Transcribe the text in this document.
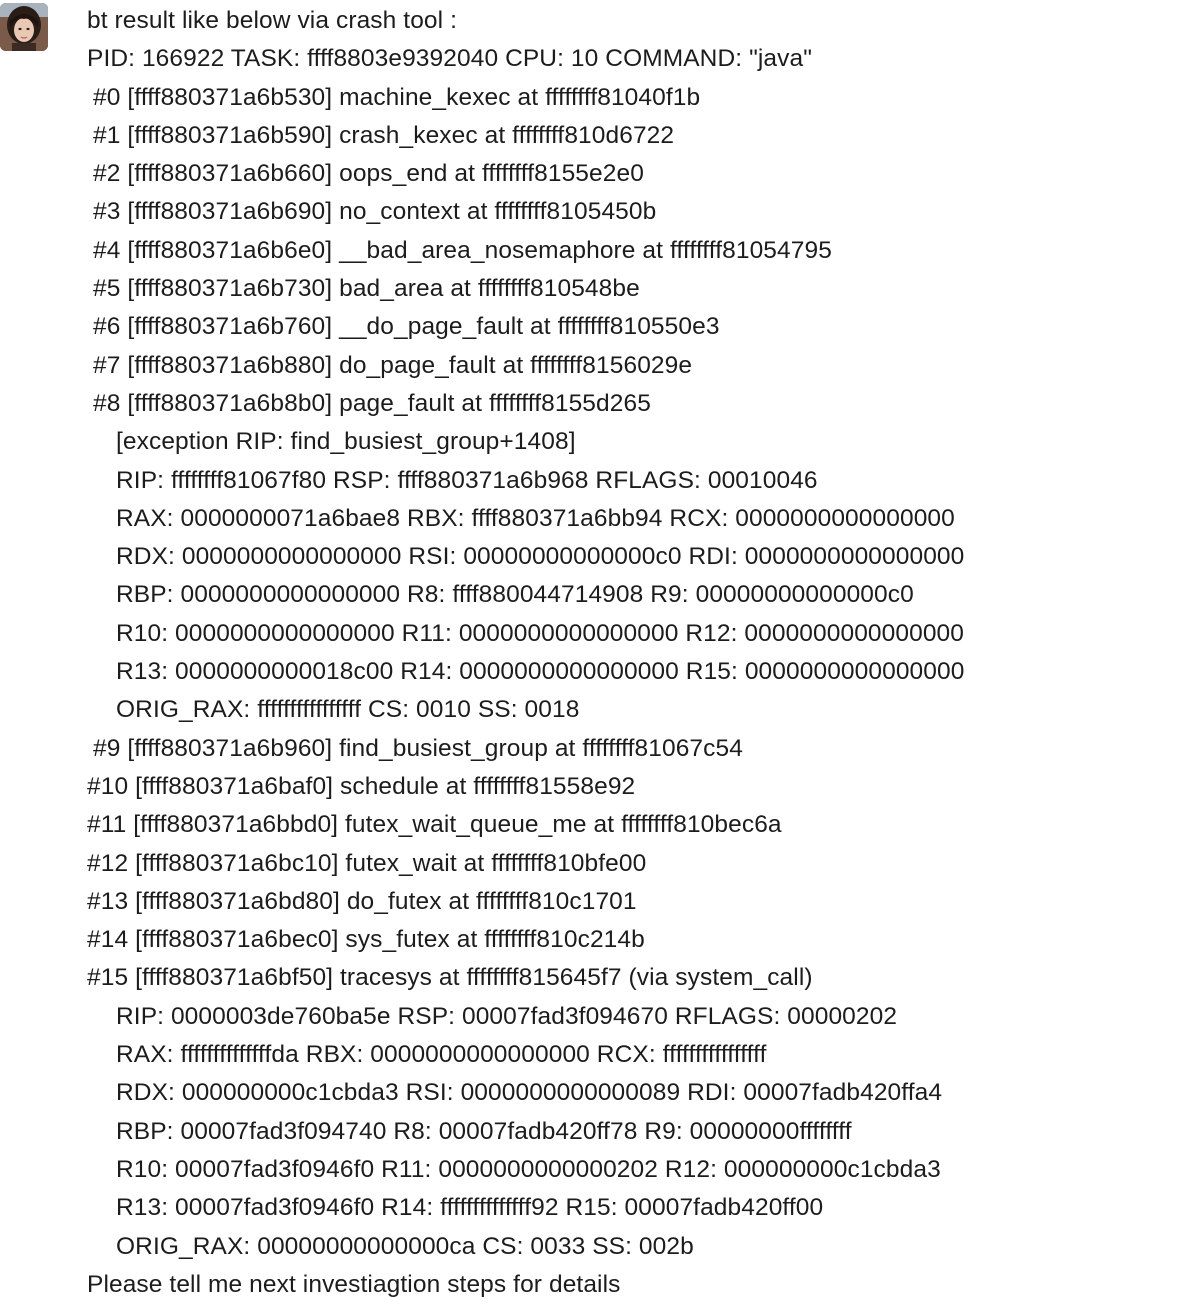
bt result like below via crash tool :
PID: 166922 TASK: ffff8803e9392040 CPU: 10 COMMAND: "java"
#0 [ffff880371a6b530] machine_kexec at ffffffff81040f1b
#1 [ffff880371a6b590] crash_kexec at ffffffff810d6722
#2 [ffff880371a6b660] oops_end at ffffffff8155e2e0
#3 [ffff880371a6b690] no_context at ffffffff8105450b
#4 [ffff880371a6b6e0] __bad_area_nosemaphore at ffffffff81054795
#5 [ffff880371a6b730] bad_area at ffffffff810548be
#6 [ffff880371a6b760] __do_page_fault at ffffffff810550e3
#7 [ffff880371a6b880] do_page_fault at ffffffff8156029e
#8 [ffff880371a6b8b0] page_fault at ffffffff8155d265
[exception RIP: find_busiest_group+1408]
RIP: ffffffff81067f80 RSP: ffff880371a6b968 RFLAGS: 00010046
RAX: 0000000071a6bae8 RBX: ffff880371a6bb94 RCX: 0000000000000000
RDX: 0000000000000000 RSI: 00000000000000c0 RDI: 0000000000000000
RBP: 0000000000000000 R8: ffff880044714908 R9: 00000000000000c0
R10: 0000000000000000 R11: 0000000000000000 R12: 0000000000000000
R13: 0000000000018c00 R14: 0000000000000000 R15: 0000000000000000
ORIG_RAX: ffffffffffffffff CS: 0010 SS: 0018
#9 [ffff880371a6b960] find_busiest_group at ffffffff81067c54
#10 [ffff880371a6baf0] schedule at ffffffff81558e92
#11 [ffff880371a6bbd0] futex_wait_queue_me at ffffffff810bec6a
#12 [ffff880371a6bc10] futex_wait at ffffffff810bfe00
#13 [ffff880371a6bd80] do_futex at ffffffff810c1701
#14 [ffff880371a6bec0] sys_futex at ffffffff810c214b
#15 [ffff880371a6bf50] tracesys at ffffffff815645f7 (via system_call)
RIP: 0000003de760ba5e RSP: 00007fad3f094670 RFLAGS: 00000202
RAX: ffffffffffffffda RBX: 0000000000000000 RCX: ffffffffffffffff
RDX: 000000000c1cbda3 RSI: 0000000000000089 RDI: 00007fadb420ffa4
RBP: 00007fad3f094740 R8: 00007fadb420ff78 R9: 00000000ffffffff
R10: 00007fad3f0946f0 R11: 0000000000000202 R12: 000000000c1cbda3
R13: 00007fad3f0946f0 R14: ffffffffffffff92 R15: 00007fadb420ff00
ORIG_RAX: 00000000000000ca CS: 0033 SS: 002b
Please tell me next investiagtion steps for details
